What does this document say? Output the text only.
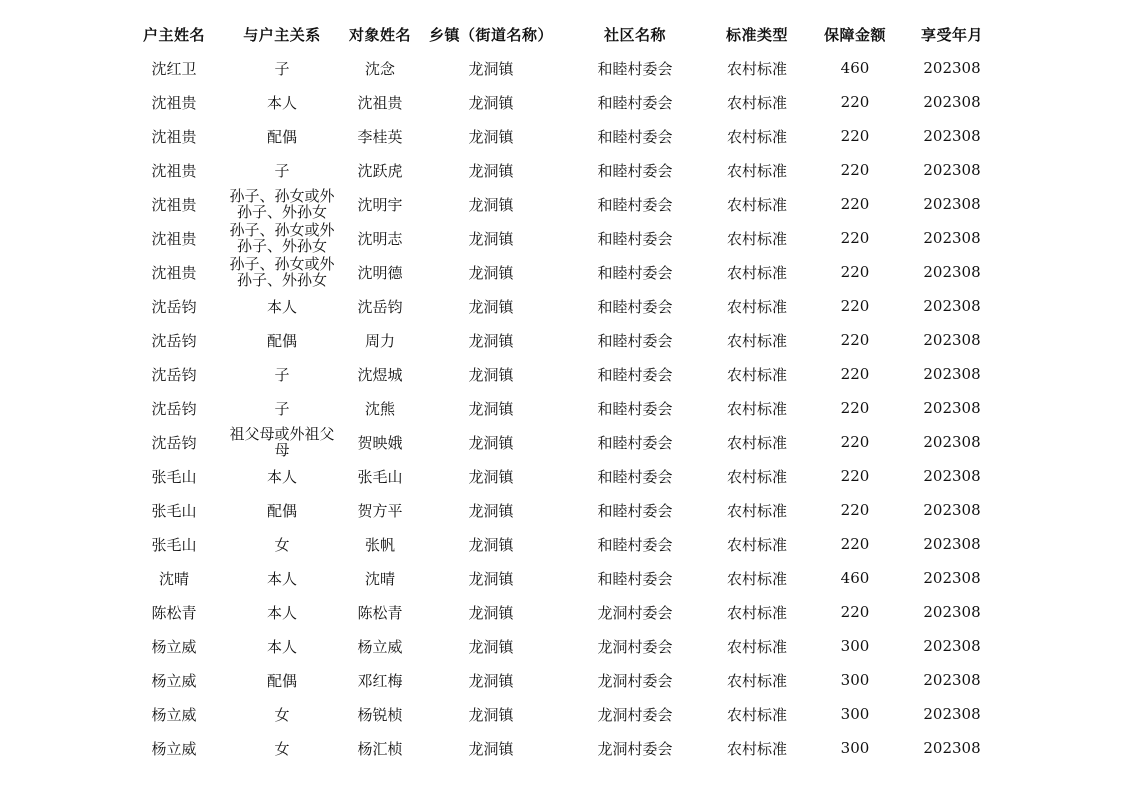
户主姓名	与户主关系	对象姓名	乡镇（街道名称）	社区名称	标准类型	保障金额	享受年月
沈红卫	子	沈念	龙洞镇	和睦村委会	农村标准	460	202308
沈祖贵	本人	沈祖贵	龙洞镇	和睦村委会	农村标准	220	202308
沈祖贵	配偶	李桂英	龙洞镇	和睦村委会	农村标准	220	202308
沈祖贵	子	沈跃虎	龙洞镇	和睦村委会	农村标准	220	202308
沈祖贵	孙子、孙女或外孙子、外孙女	沈明宇	龙洞镇	和睦村委会	农村标准	220	202308
沈祖贵	孙子、孙女或外孙子、外孙女	沈明志	龙洞镇	和睦村委会	农村标准	220	202308
沈祖贵	孙子、孙女或外孙子、外孙女	沈明德	龙洞镇	和睦村委会	农村标准	220	202308
沈岳钧	本人	沈岳钧	龙洞镇	和睦村委会	农村标准	220	202308
沈岳钧	配偶	周力	龙洞镇	和睦村委会	农村标准	220	202308
沈岳钧	子	沈煜城	龙洞镇	和睦村委会	农村标准	220	202308
沈岳钧	子	沈熊	龙洞镇	和睦村委会	农村标准	220	202308
沈岳钧	祖父母或外祖父母	贺映娥	龙洞镇	和睦村委会	农村标准	220	202308
张毛山	本人	张毛山	龙洞镇	和睦村委会	农村标准	220	202308
张毛山	配偶	贺方平	龙洞镇	和睦村委会	农村标准	220	202308
张毛山	女	张帆	龙洞镇	和睦村委会	农村标准	220	202308
沈晴	本人	沈晴	龙洞镇	和睦村委会	农村标准	460	202308
陈松青	本人	陈松青	龙洞镇	龙洞村委会	农村标准	220	202308
杨立威	本人	杨立威	龙洞镇	龙洞村委会	农村标准	300	202308
杨立威	配偶	邓红梅	龙洞镇	龙洞村委会	农村标准	300	202308
杨立威	女	杨锐桢	龙洞镇	龙洞村委会	农村标准	300	202308
杨立威	女	杨汇桢	龙洞镇	龙洞村委会	农村标准	300	202308
